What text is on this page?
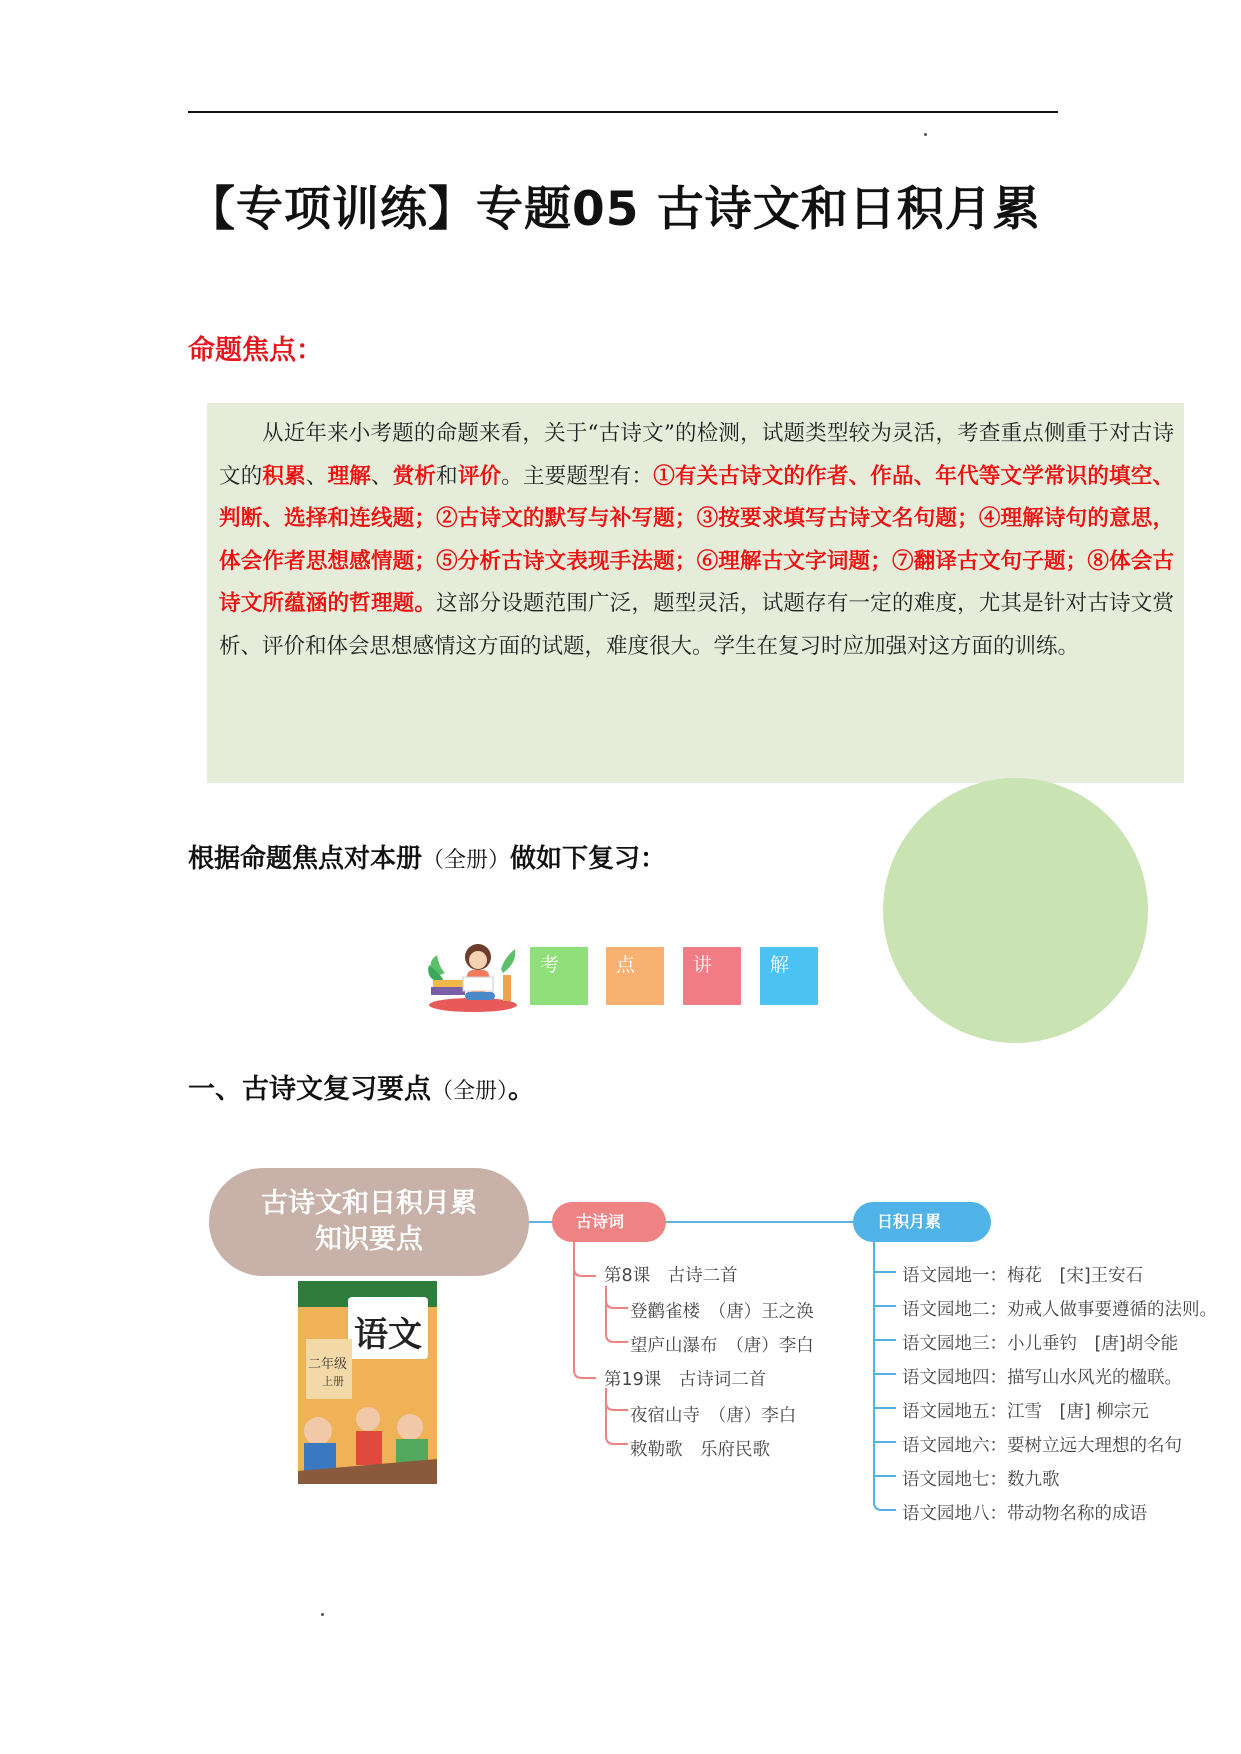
【专项训练】专题05 古诗文和日积月累
命题焦点：

从近年来小考题的命题来看，关于“古诗文”的检测，试题类型较为灵活，考查重点侧重于对古诗文的积累、理解、赏析和评价。主要题型有：①有关古诗文的作者、作品、年代等文学常识的填空、判断、选择和连线题；②古诗文的默写与补写题；③按要求填写古诗文名句题；④理解诗句的意思，体会作者思想感情题；⑤分析古诗文表现手法题；⑥理解古文字词题；⑦翻译古文句子题；⑧体会古诗文所蕴涵的哲理题。这部分设题范围广泛，题型灵活，试题存有一定的难度，尤其是针对古诗文赏析、评价和体会思想感情这方面的试题，难度很大。学生在复习时应加强对这方面的训练。

根据命题焦点对本册（全册）做如下复习：
考	点	讲	解
一、古诗文复习要点（全册）。
古诗文和日积月累
知识要点
语文
二年级
上册
古诗词	日积月累
第8课　古诗二首
登鹳雀楼　（唐）王之涣
望庐山瀑布　（唐）李白
第19课　古诗词二首
夜宿山寺　（唐）李白
敕勒歌　乐府民歌
语文园地一：梅花　[宋]王安石
语文园地二：劝戒人做事要遵循的法则。
语文园地三：小儿垂钓　[唐]胡令能
语文园地四：描写山水风光的楹联。
语文园地五：江雪　[唐] 柳宗元
语文园地六：要树立远大理想的名句
语文园地七：数九歌
语文园地八：带动物名称的成语
